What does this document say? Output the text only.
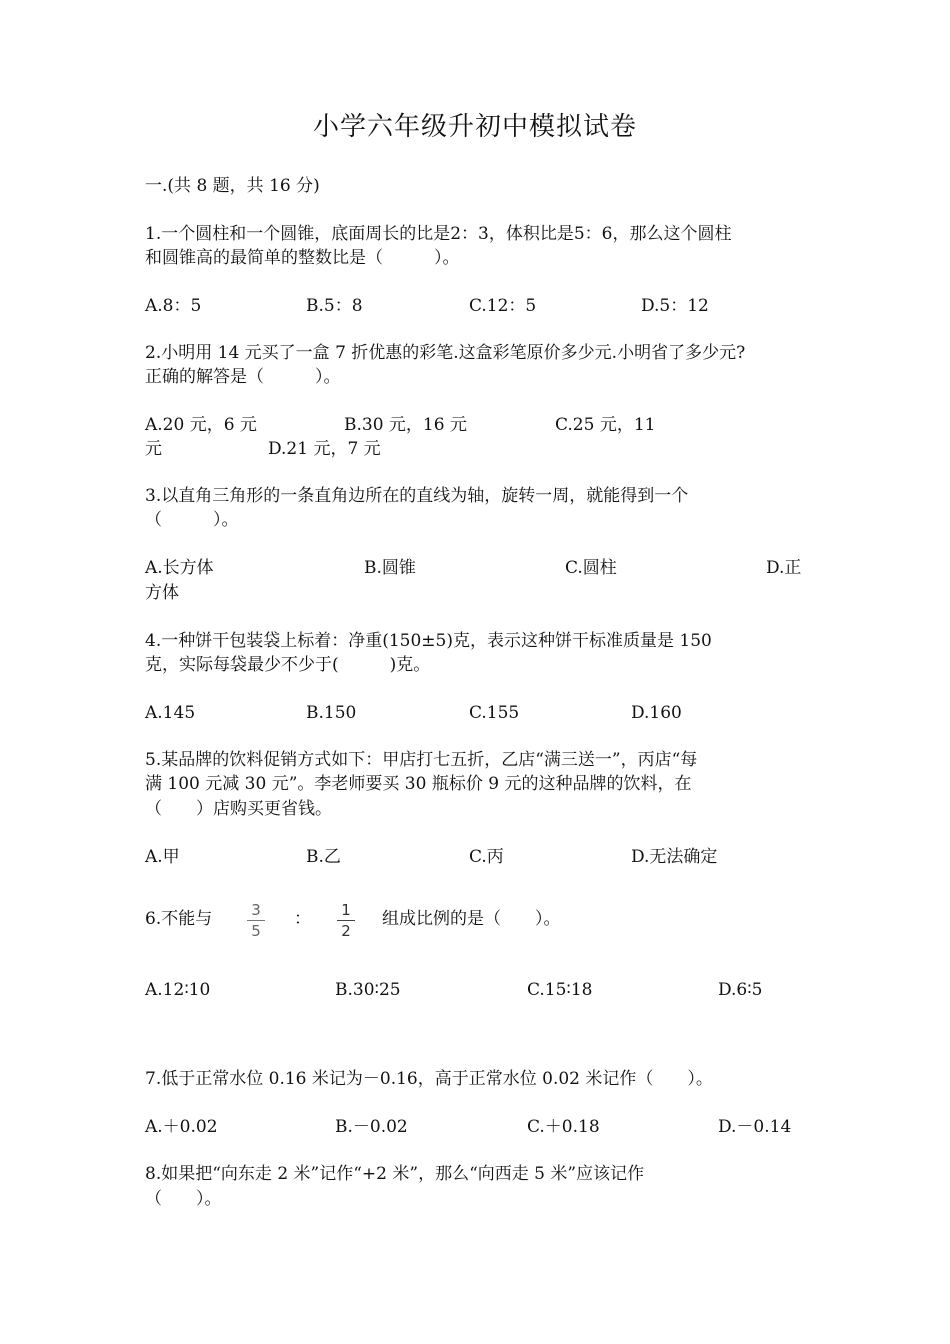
小学六年级升初中模拟试卷
一.(共 8 题，共 16 分)
1.一个圆柱和一个圆锥，底面周长的比是2：3，体积比是5：6，那么这个圆柱
和圆锥高的最简单的整数比是（　　　）。
A.8：5	B.5：8	C.12：5	D.5：12
2.小明用 14 元买了一盒 7 折优惠的彩笔.这盒彩笔原价多少元.小明省了多少元?
正确的解答是（　　　）。
A.20 元，6 元	B.30 元，16 元	C.25 元，11
元	D.21 元，7 元
3.以直角三角形的一条直角边所在的直线为轴，旋转一周，就能得到一个
（　　　）。
A.长方体	B.圆锥	C.圆柱	D.正
方体
4.一种饼干包装袋上标着：净重(150±5)克，表示这种饼干标准质量是 150
克，实际每袋最少不少于(　　　)克。
A.145	B.150	C.155	D.160
5.某品牌的饮料促销方式如下：甲店打七五折，乙店“满三送一”，丙店“每
满 100 元减 30 元”。李老师要买 30 瓶标价 9 元的这种品牌的饮料，在
（　　）店购买更省钱。
A.甲	B.乙	C.丙	D.无法确定
6.不能与	3
5
：	1
2
组成比例的是（　　）。
A.12∶10	B.30∶25	C.15∶18	D.6∶5
7.低于正常水位 0.16 米记为－0.16，高于正常水位 0.02 米记作（　　）。
A.＋0.02	B.－0.02	C.＋0.18	D.－0.14
8.如果把“向东走 2 米”记作“+2 米”，那么“向西走 5 米”应该记作
（　　）。
